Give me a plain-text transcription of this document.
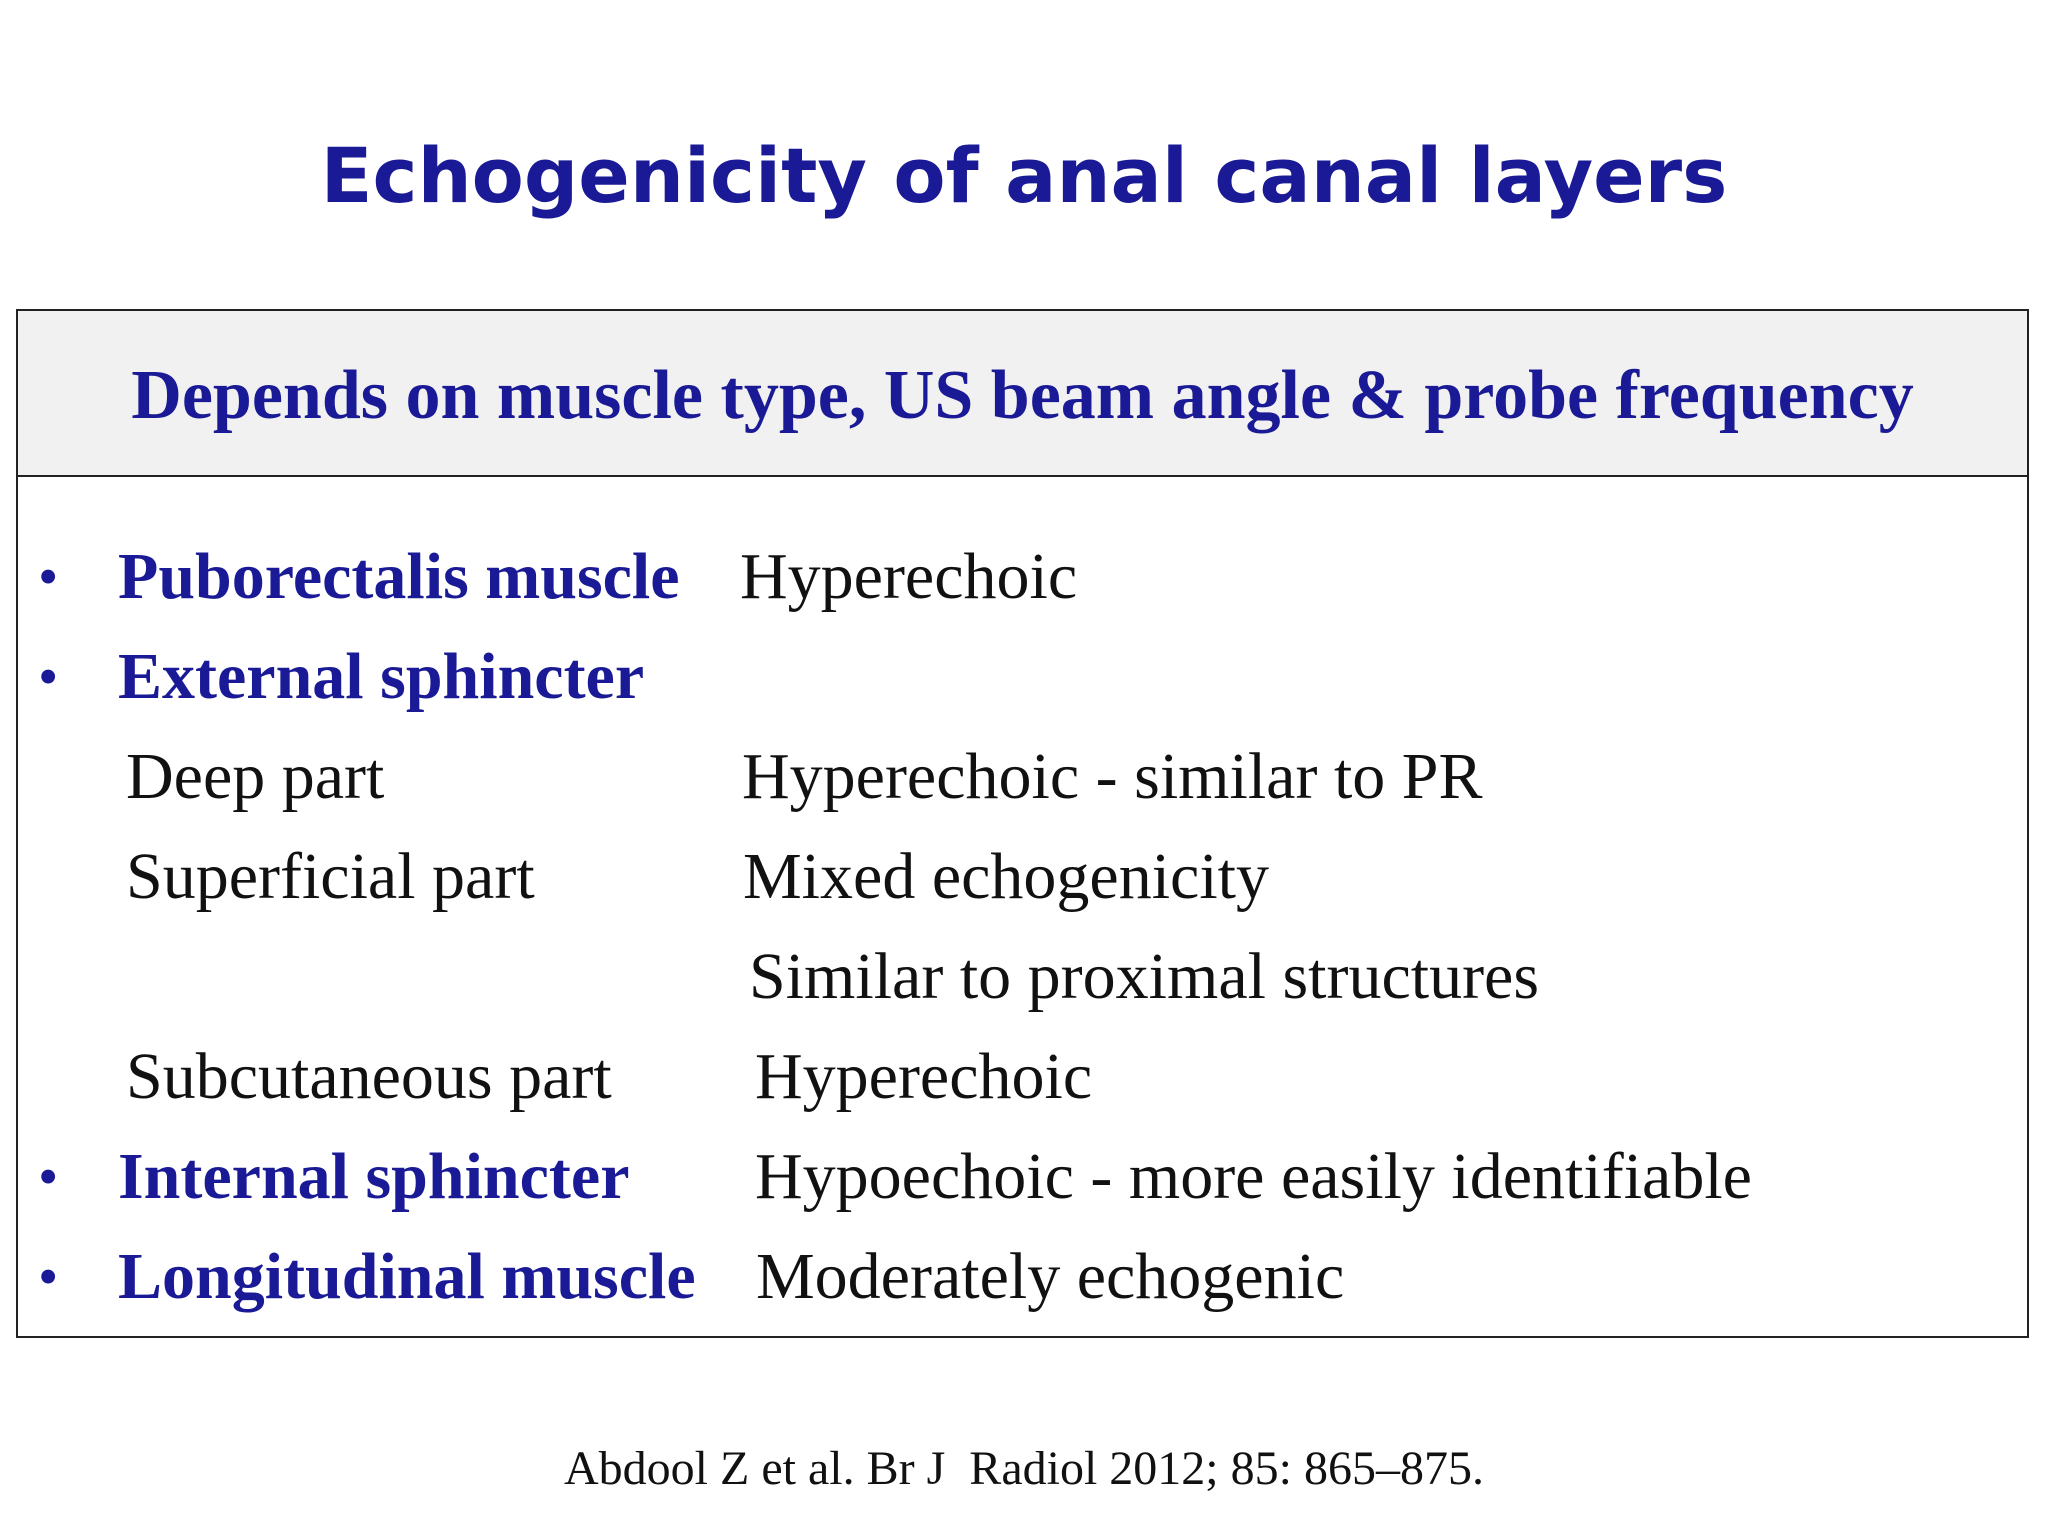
Echogenicity of anal canal layers
Depends on muscle type, US beam angle & probe frequency
• Puborectalis muscle Hyperechoic
• External sphincter
Deep part	Hyperechoic - similar to PR
Superficial part	Mixed echogenicity
Similar to proximal structures
Subcutaneous part Hyperechoic
• Internal sphincter Hypoechoic - more easily identifiable
• Longitudinal muscle Moderately echogenic
Abdool Z et al. Br J  Radiol 2012; 85: 865–875.
